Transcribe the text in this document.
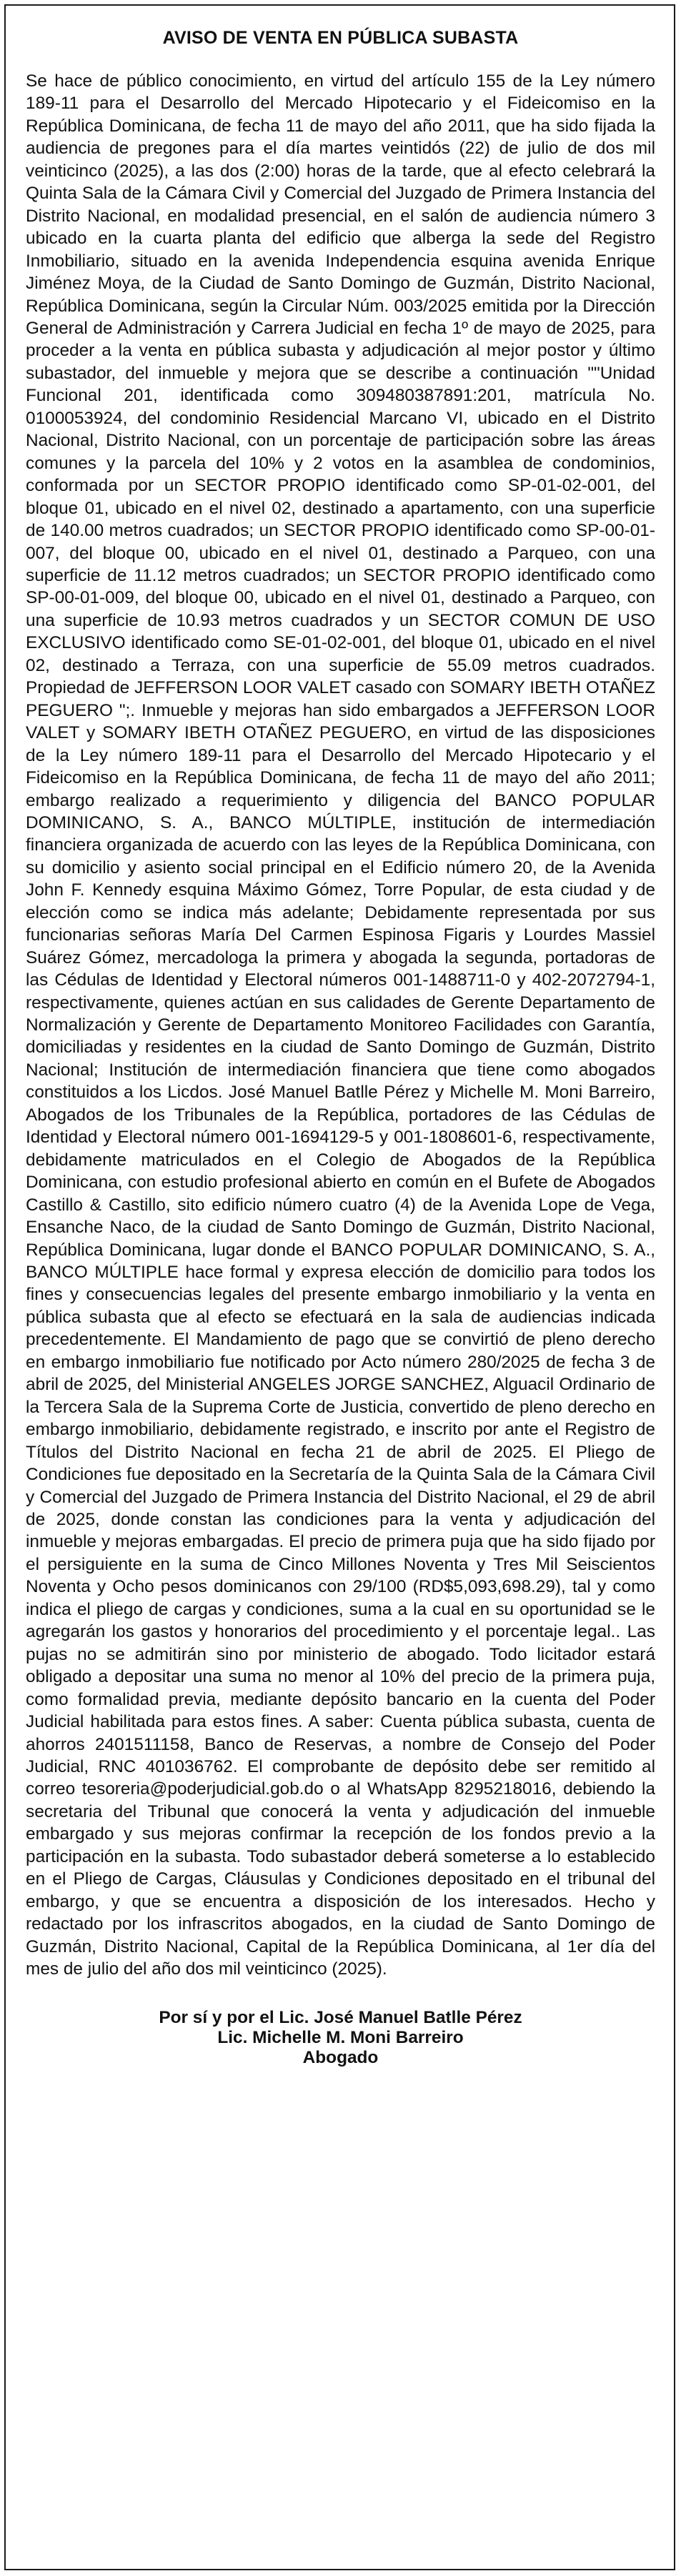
AVISO DE VENTA EN PÚBLICA SUBASTA

Se hace de público conocimiento, en virtud del artículo 155 de la Ley número 189-11 para el Desarrollo del Mercado Hipotecario y el Fideicomiso en la República Dominicana, de fecha 11 de mayo del año 2011, que ha sido fijada la audiencia de pregones para el día martes veintidós (22) de julio de dos mil veinticinco (2025), a las dos (2:00) horas de la tarde, que al efecto celebrará la Quinta Sala de la Cámara Civil y Comercial del Juzgado de Primera Instancia del Distrito Nacional, en modalidad presencial, en el salón de audiencia número 3 ubicado en la cuarta planta del edificio que alberga la sede del Registro Inmobiliario, situado en la avenida Independencia esquina avenida Enrique Jiménez Moya, de la Ciudad de Santo Domingo de Guzmán, Distrito Nacional, República Dominicana, según la Circular Núm. 003/2025 emitida por la Dirección General de Administración y Carrera Judicial en fecha 1º de mayo de 2025, para proceder a la venta en pública subasta y adjudicación al mejor postor y último subastador, del inmueble y mejora que se describe a continuación ""Unidad Funcional 201, identificada como 309480387891:201, matrícula No. 0100053924, del condominio Residencial Marcano VI, ubicado en el Distrito Nacional, Distrito Nacional, con un porcentaje de participación sobre las áreas comunes y la parcela del 10% y 2 votos en la asamblea de condominios, conformada por un SECTOR PROPIO identificado como SP-01-02-001, del bloque 01, ubicado en el nivel 02, destinado a apartamento, con una superficie de 140.00 metros cuadrados; un SECTOR PROPIO identificado como SP-00-01-007, del bloque 00, ubicado en el nivel 01, destinado a Parqueo, con una superficie de 11.12 metros cuadrados; un SECTOR PROPIO identificado como SP-00-01-009, del bloque 00, ubicado en el nivel 01, destinado a Parqueo, con una superficie de 10.93 metros cuadrados y un SECTOR COMUN DE USO EXCLUSIVO identificado como SE-01-02-001, del bloque 01, ubicado en el nivel 02, destinado a Terraza, con una superficie de 55.09 metros cuadrados. Propiedad de JEFFERSON LOOR VALET casado con SOMARY IBETH OTAÑEZ PEGUERO ";. Inmueble y mejoras han sido embargados a JEFFERSON LOOR VALET y SOMARY IBETH OTAÑEZ PEGUERO, en virtud de las disposiciones de la Ley número 189-11 para el Desarrollo del Mercado Hipotecario y el Fideicomiso en la República Dominicana, de fecha 11 de mayo del año 2011; embargo realizado a requerimiento y diligencia del BANCO POPULAR DOMINICANO, S. A., BANCO MÚLTIPLE, institución de intermediación financiera organizada de acuerdo con las leyes de la República Dominicana, con su domicilio y asiento social principal en el Edificio número 20, de la Avenida John F. Kennedy esquina Máximo Gómez, Torre Popular, de esta ciudad y de elección como se indica más adelante; Debidamente representada por sus funcionarias señoras María Del Carmen Espinosa Figaris y Lourdes Massiel Suárez Gómez, mercadologa la primera y abogada la segunda, portadoras de las Cédulas de Identidad y Electoral números 001-1488711-0 y 402-2072794-1, respectivamente, quienes actúan en sus calidades de Gerente Departamento de Normalización y Gerente de Departamento Monitoreo Facilidades con Garantía, domiciliadas y residentes en la ciudad de Santo Domingo de Guzmán, Distrito Nacional; Institución de intermediación financiera que tiene como abogados constituidos a los Licdos. José Manuel Batlle Pérez y Michelle M. Moni Barreiro, Abogados de los Tribunales de la República, portadores de las Cédulas de Identidad y Electoral número 001-1694129-5 y 001-1808601-6, respectivamente, debidamente matriculados en el Colegio de Abogados de la República Dominicana, con estudio profesional abierto en común en el Bufete de Abogados Castillo & Castillo, sito edificio número cuatro (4) de la Avenida Lope de Vega, Ensanche Naco, de la ciudad de Santo Domingo de Guzmán, Distrito Nacional, República Dominicana, lugar donde el BANCO POPULAR DOMINICANO, S. A., BANCO MÚLTIPLE hace formal y expresa elección de domicilio para todos los fines y consecuencias legales del presente embargo inmobiliario y la venta en pública subasta que al efecto se efectuará en la sala de audiencias indicada precedentemente. El Mandamiento de pago que se convirtió de pleno derecho en embargo inmobiliario fue notificado por Acto número 280/2025 de fecha 3 de abril de 2025, del Ministerial ANGELES JORGE SANCHEZ, Alguacil Ordinario de la Tercera Sala de la Suprema Corte de Justicia, convertido de pleno derecho en embargo inmobiliario, debidamente registrado, e inscrito por ante el Registro de Títulos del Distrito Nacional en fecha 21 de abril de 2025. El Pliego de Condiciones fue depositado en la Secretaría de la Quinta Sala de la Cámara Civil y Comercial del Juzgado de Primera Instancia del Distrito Nacional, el 29 de abril de 2025, donde constan las condiciones para la venta y adjudicación del inmueble y mejoras embargadas. El precio de primera puja que ha sido fijado por el persiguiente en la suma de Cinco Millones Noventa y Tres Mil Seiscientos Noventa y Ocho pesos dominicanos con 29/100 (RD$5,093,698.29), tal y como indica el pliego de cargas y condiciones, suma a la cual en su oportunidad se le agregarán los gastos y honorarios del procedimiento y el porcentaje legal.. Las pujas no se admitirán sino por ministerio de abogado. Todo licitador estará obligado a depositar una suma no menor al 10% del precio de la primera puja, como formalidad previa, mediante depósito bancario en la cuenta del Poder Judicial habilitada para estos fines. A saber: Cuenta pública subasta, cuenta de ahorros 2401511158, Banco de Reservas, a nombre de Consejo del Poder Judicial, RNC 401036762. El comprobante de depósito debe ser remitido al correo tesoreria@poderjudicial.gob.do o al WhatsApp 8295218016, debiendo la secretaria del Tribunal que conocerá la venta y adjudicación del inmueble embargado y sus mejoras confirmar la recepción de los fondos previo a la participación en la subasta. Todo subastador deberá someterse a lo establecido en el Pliego de Cargas, Cláusulas y Condiciones depositado en el tribunal del embargo, y que se encuentra a disposición de los interesados. Hecho y redactado por los infrascritos abogados, en la ciudad de Santo Domingo de Guzmán, Distrito Nacional, Capital de la República Dominicana, al 1er día del mes de julio del año dos mil veinticinco (2025).

Por sí y por el Lic. José Manuel Batlle Pérez
Lic. Michelle M. Moni Barreiro
Abogado
